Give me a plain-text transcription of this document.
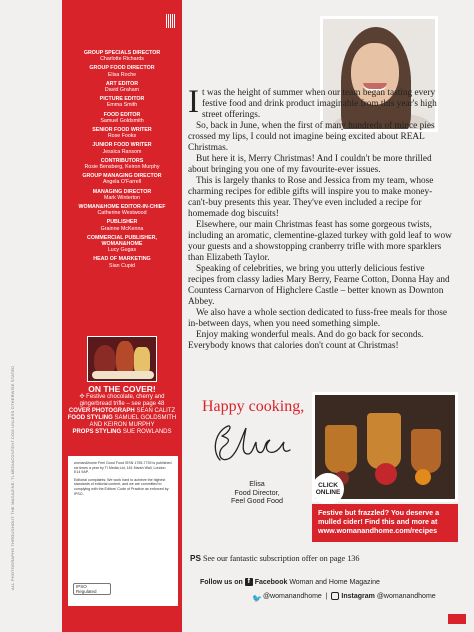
ALL PHOTOGRAPHS THROUGHOUT THE MAGAZINE: TI-MEDIACONTENT.COM UNLESS OTHERWISE STATED
GROUP SPECIALS DIRECTOR
Charlotte Richards
GROUP FOOD DIRECTOR
Elisa Roche
ART EDITOR
David Graham
PICTURE EDITOR
Emma Smith
FOOD EDITOR
Samuel Goldsmith
SENIOR FOOD WRITER
Rose Fooks
JUNIOR FOOD WRITER
Jessica Ransom
CONTRIBUTORS
Rosie Bensberg, Keiron Murphy
GROUP MANAGING DIRECTOR
Angela O'Farrell
MANAGING DIRECTOR
Mark Winterton
WOMAN&HOME EDITOR-IN-CHIEF
Catherine Westwood
PUBLISHER
Grainne McKenna
COMMERCIAL PUBLISHER, WOMAN&HOME
Lucy Gugas
HEAD OF MARKETING
Sian Cupid
ON THE COVER!
✣ Festive chocolate, cherry and gingerbread trifle – see page 48
COVER PHOTOGRAPH SEAN CALITZ
FOOD STYLING SAMUEL GOLDSMITH AND KEIRON MURPHY
PROPS STYLING SUE ROWLANDS

woman&home Feel Good Food ISSN 1755-7739 is published six times a year by TI Media Ltd, 161 Marsh Wall, London E14 9AP.

Editorial complaints: We work hard to achieve the highest standards of editorial content, and we are committed to complying with the Editors' Code of Practice as enforced by IPSO.

IPSO Regulated

It was the height of summer when our team began tasting every festive food and drink product imaginable from this year's high street offerings.

So, back in June, when the first of many hundreds of mince pies crossed my lips, I could not imagine being excited about REAL Christmas.

But here it is, Merry Christmas! And I couldn't be more thrilled about bringing you one of my favourite-ever issues.

This is largely thanks to Rose and Jessica from my team, whose charming recipes for edible gifts will inspire you to make money-can't-buy presents this year. They've even included a recipe for homemade dog biscuits!

Elsewhere, our main Christmas feast has some gorgeous twists, including an aromatic, clementine-glazed turkey with gold leaf to wow your guests and a showstopping cranberry trifle with more sparklers than Elizabeth Taylor.

Speaking of celebrities, we bring you utterly delicious festive recipes from classy ladies Mary Berry, Fearne Cotton, Donna Hay and Countess Carnarvon of Highclere Castle – better known as Downton Abbey.

We also have a whole section dedicated to fuss-free meals for those in-between days, when you need something simple.

Enjoy making wonderful meals. And do go back for seconds. Everybody knows that calories don't count at Christmas!

Happy cooking,
Elisa
Food Director,
Feel Good Food
CLICK ONLINE
Festive but frazzled? You deserve a mulled cider! Find this and more at www.womanandhome.com/recipes
PS See our fantastic subscription offer on page 136
Follow us on f Facebook Woman and Home Magazine
🐦 @womanandhome  |   Instagram @womanandhome
